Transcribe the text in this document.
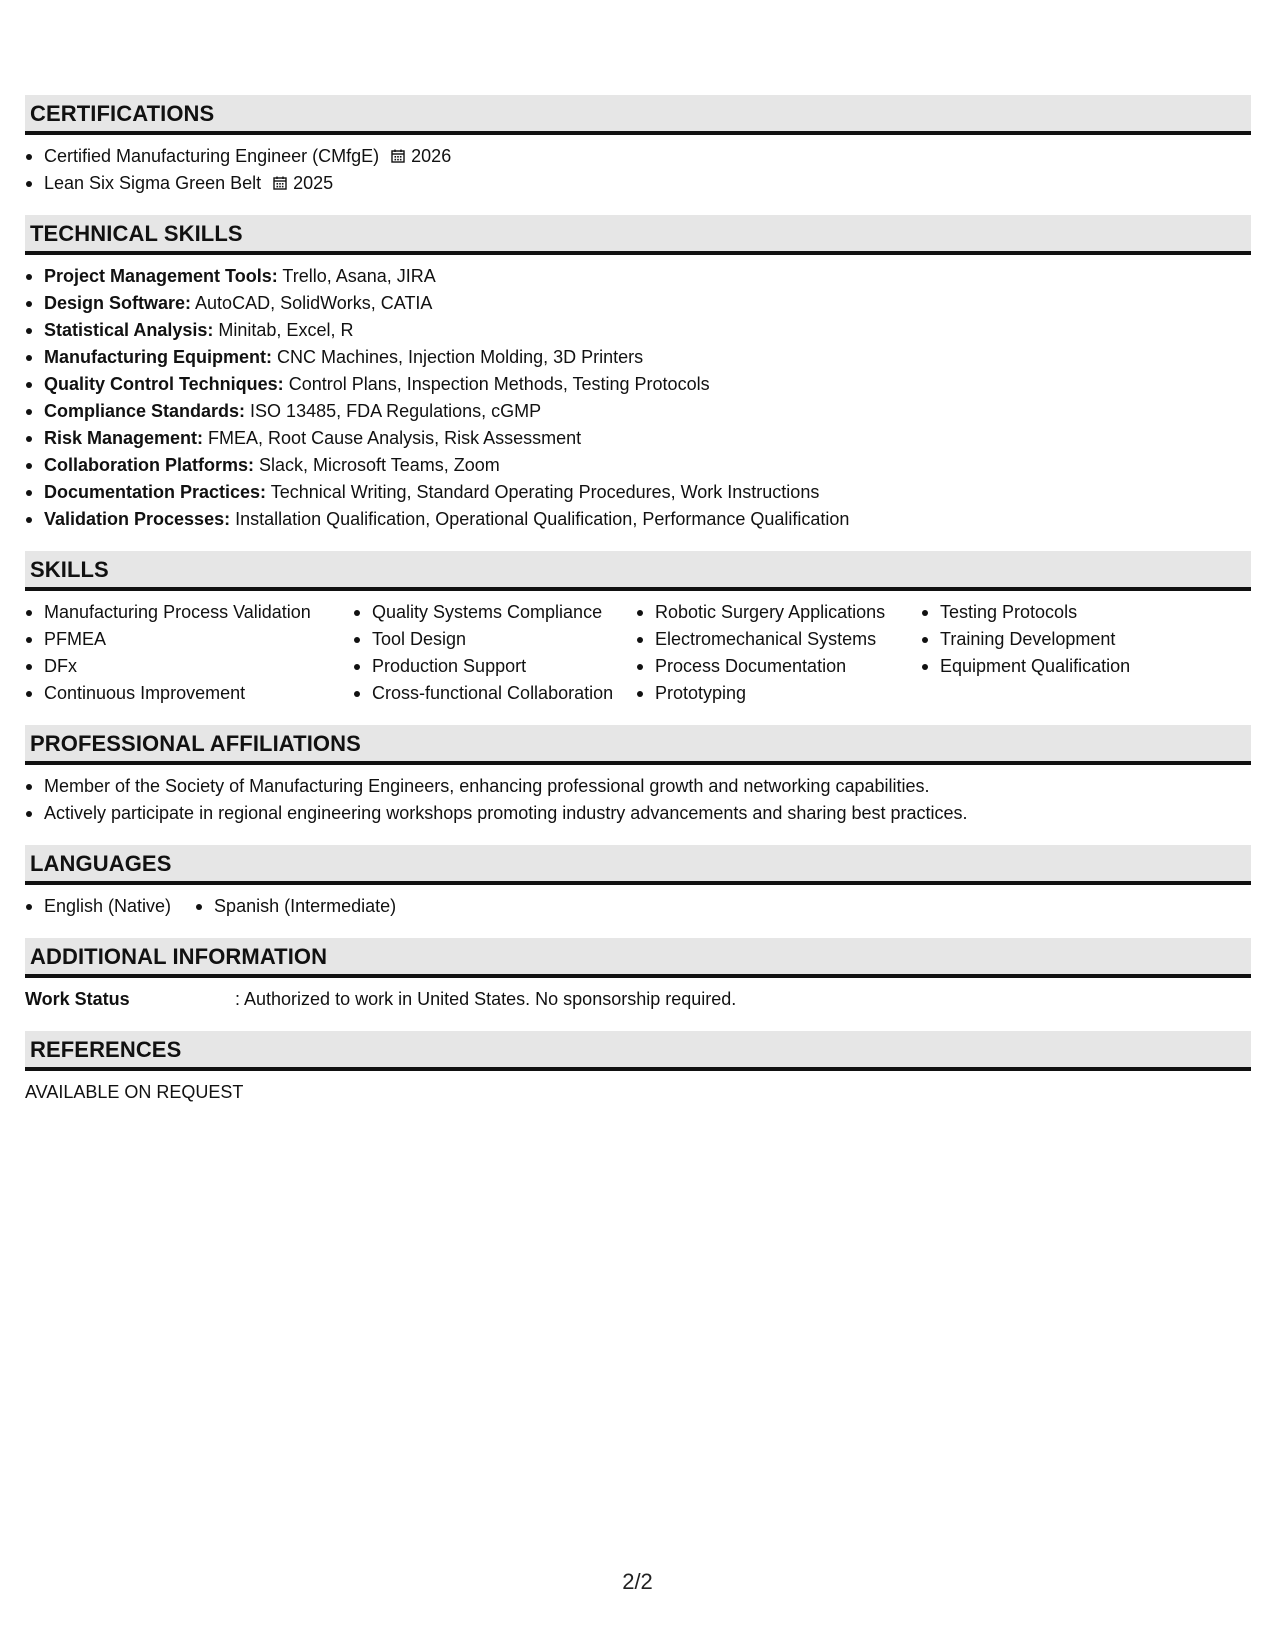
CERTIFICATIONS
Certified Manufacturing Engineer (CMfgE) 2026
Lean Six Sigma Green Belt 2025
TECHNICAL SKILLS
Project Management Tools: Trello, Asana, JIRA
Design Software: AutoCAD, SolidWorks, CATIA
Statistical Analysis: Minitab, Excel, R
Manufacturing Equipment: CNC Machines, Injection Molding, 3D Printers
Quality Control Techniques: Control Plans, Inspection Methods, Testing Protocols
Compliance Standards: ISO 13485, FDA Regulations, cGMP
Risk Management: FMEA, Root Cause Analysis, Risk Assessment
Collaboration Platforms: Slack, Microsoft Teams, Zoom
Documentation Practices: Technical Writing, Standard Operating Procedures, Work Instructions
Validation Processes: Installation Qualification, Operational Qualification, Performance Qualification
SKILLS
Manufacturing Process Validation
PFMEA
DFx
Continuous Improvement
Quality Systems Compliance
Tool Design
Production Support
Cross-functional Collaboration
Robotic Surgery Applications
Electromechanical Systems
Process Documentation
Prototyping
Testing Protocols
Training Development
Equipment Qualification
PROFESSIONAL AFFILIATIONS
Member of the Society of Manufacturing Engineers, enhancing professional growth and networking capabilities.
Actively participate in regional engineering workshops promoting industry advancements and sharing best practices.
LANGUAGES
English (Native)	Spanish (Intermediate)
ADDITIONAL INFORMATION
Work Status	: Authorized to work in United States. No sponsorship required.
REFERENCES
AVAILABLE ON REQUEST
2/2
